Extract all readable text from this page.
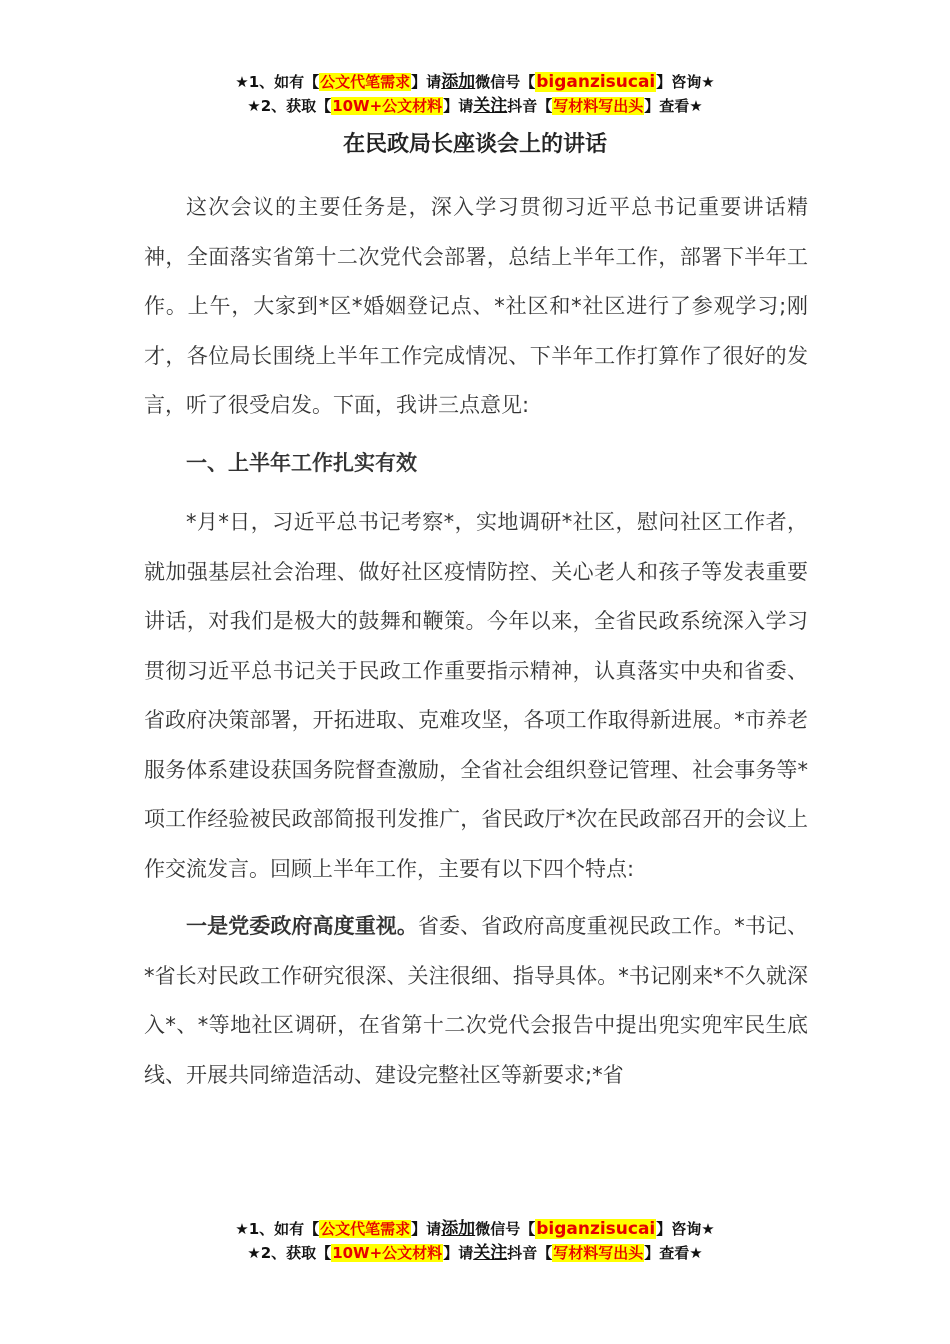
★1、如有【公文代笔需求】请添加微信号【biganzisucai】咨询★
★2、获取【10W+公文材料】请关注抖音【写材料写出头】查看★
在民政局长座谈会上的讲话

这次会议的主要任务是，深入学习贯彻习近平总书记重要讲话精神，全面落实省第十二次党代会部署，总结上半年工作，部署下半年工作。上午，大家到*区*婚姻登记点、*社区和*社区进行了参观学习;刚才，各位局长围绕上半年工作完成情况、下半年工作打算作了很好的发言，听了很受启发。下面，我讲三点意见:

一、上半年工作扎实有效

*月*日，习近平总书记考察*，实地调研*社区，慰问社区工作者，就加强基层社会治理、做好社区疫情防控、关心老人和孩子等发表重要讲话，对我们是极大的鼓舞和鞭策。今年以来，全省民政系统深入学习贯彻习近平总书记关于民政工作重要指示精神，认真落实中央和省委、省政府决策部署，开拓进取、克难攻坚，各项工作取得新进展。*市养老服务体系建设获国务院督查激励，全省社会组织登记管理、社会事务等*项工作经验被民政部简报刊发推广，省民政厅*次在民政部召开的会议上作交流发言。回顾上半年工作，主要有以下四个特点:

一是党委政府高度重视。省委、省政府高度重视民政工作。*书记、*省长对民政工作研究很深、关注很细、指导具体。*书记刚来*不久就深入*、*等地社区调研，在省第十二次党代会报告中提出兜实兜牢民生底线、开展共同缔造活动、建设完整社区等新要求;*省

★1、如有【公文代笔需求】请添加微信号【biganzisucai】咨询★
★2、获取【10W+公文材料】请关注抖音【写材料写出头】查看★
